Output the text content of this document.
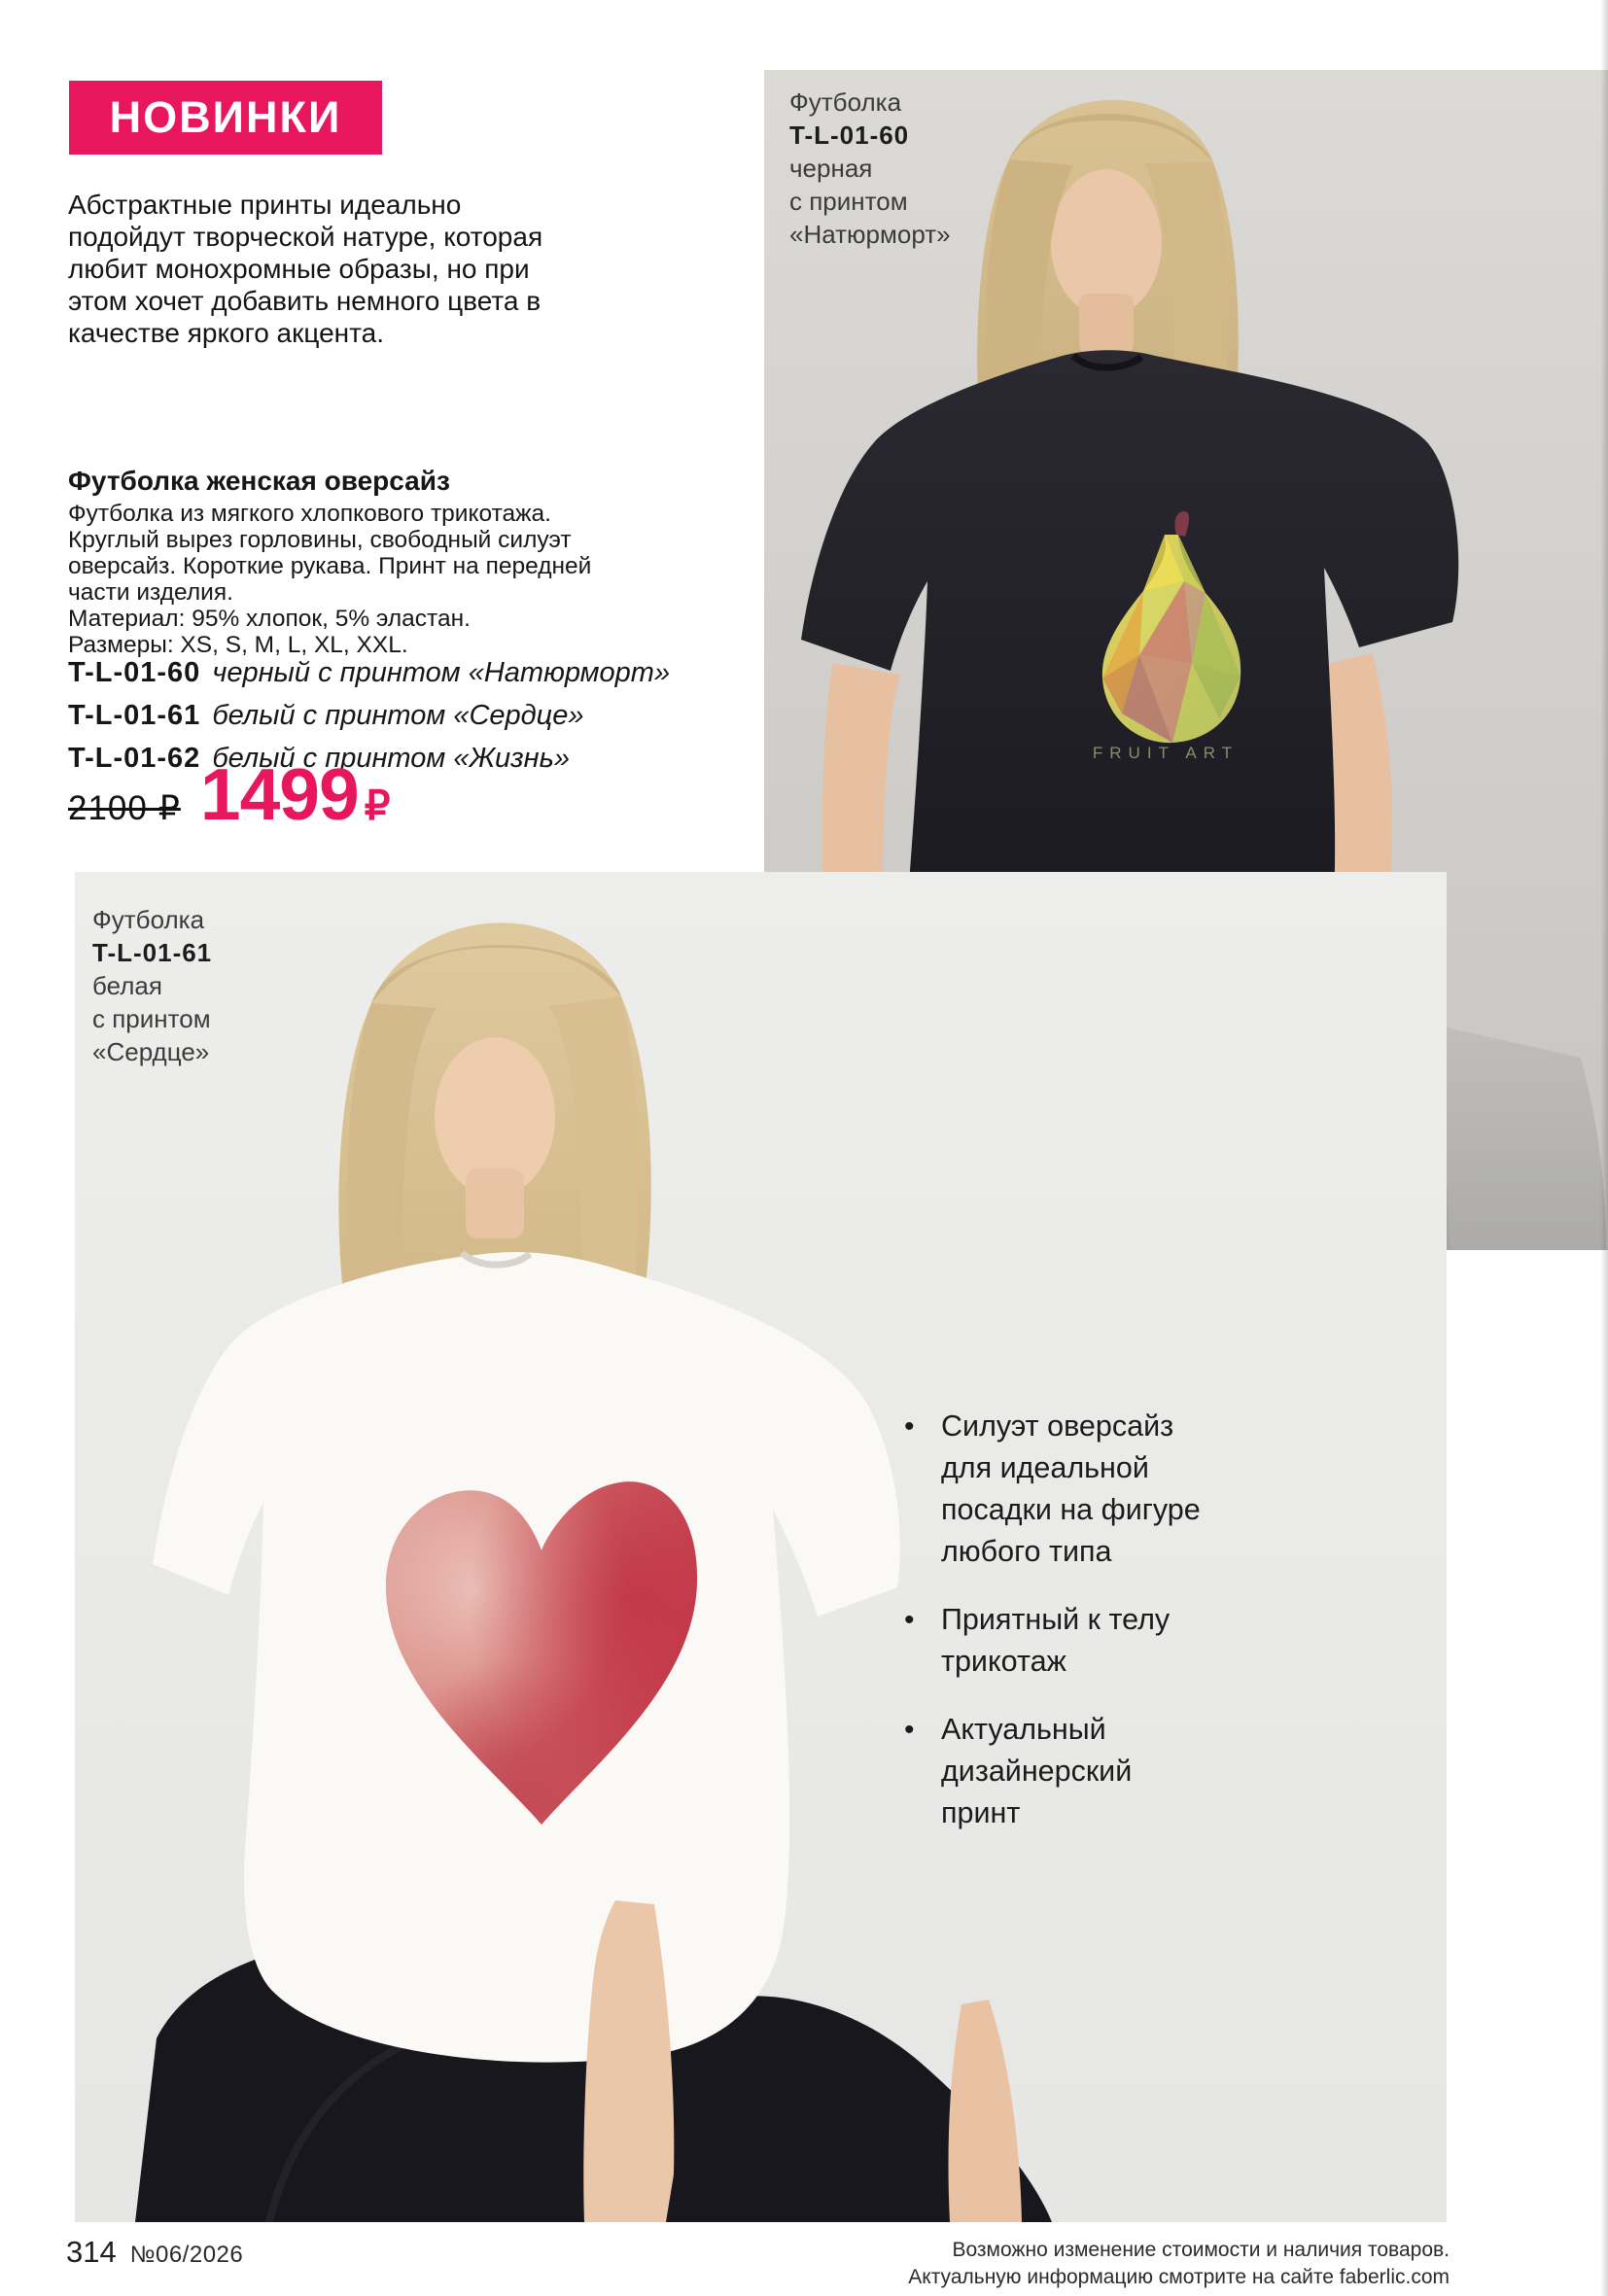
НОВИНКИ

Абстрактные принты идеально подойдут творческой натуре, которая любит монохромные образы, но при этом хочет добавить немного цвета в качестве яркого акцента.

Футболка женская оверсайз
Футболка из мягкого хлопкового трикотажа. Круглый вырез горловины, свободный силуэт оверсайз. Короткие рукава. Принт на передней части изделия.
Материал: 95% хлопок, 5% эластан.
Размеры: XS, S, M, L, XL, XXL.
T-L-01-60 черный с принтом «Натюрморт»
T-L-01-61 белый с принтом «Сердце»
T-L-01-62 белый с принтом «Жизнь»
2100 ₽ 1499 ₽
FRUIT ART
Футболка
T-L-01-60
черная
с принтом
«Натюрморт»
Футболка
T-L-01-61
белая
с принтом
«Сердце»
• Силуэт оверсайз для идеальной посадки на фигуре любого типа
• Приятный к телу трикотаж
• Актуальный дизайнерский принт
314 №06/2026	Возможно изменение стоимости и наличия товаров.
Актуальную информацию смотрите на сайте faberlic.com
